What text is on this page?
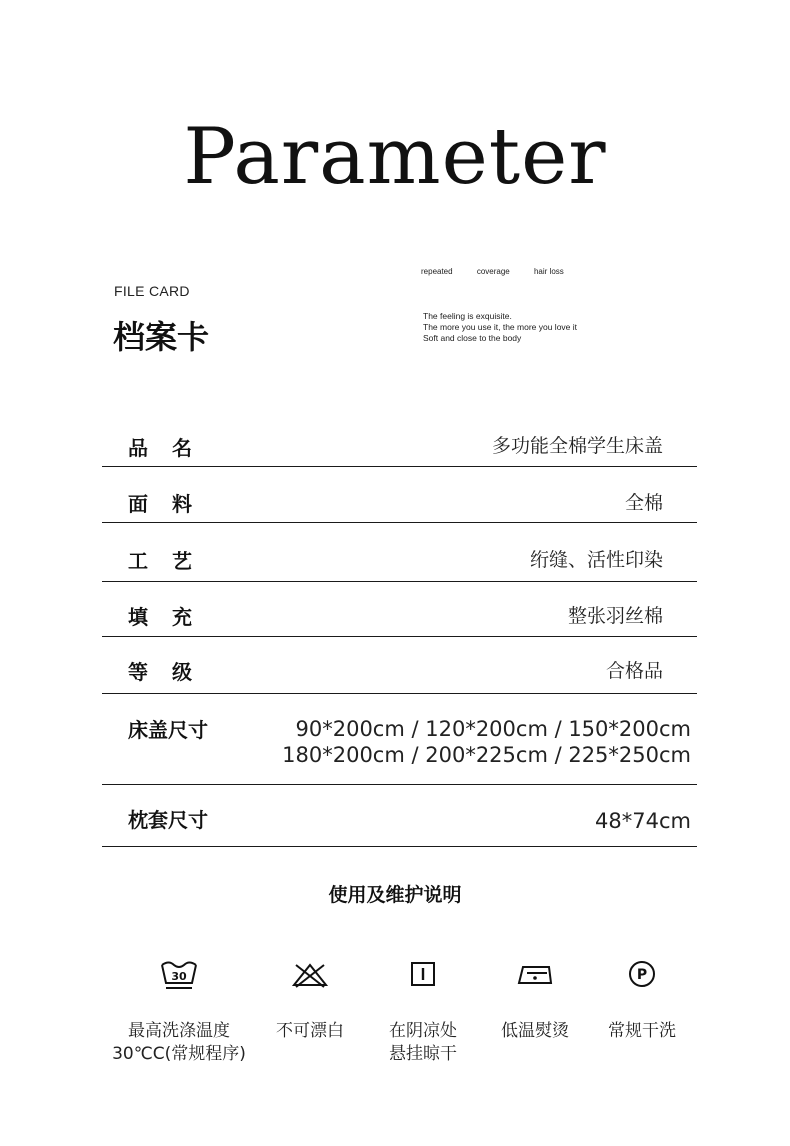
Parameter
repeated	coverage	hair loss
FILE CARD
档案卡
The feeling is exquisite.
The more you use it, the more you love it
Soft and close to the body
品名	多功能全棉学生床盖
面料	全棉
工艺	绗缝、活性印染
填充	整张羽丝棉
等级	合格品
床盖尺寸	90*200cm / 120*200cm / 150*200cm
180*200cm / 200*225cm / 225*250cm
枕套尺寸	48*74cm
使用及维护说明
30
最高洗涤温度
30℃C(常规程序)
不可漂白	在阴凉处
悬挂晾干
低温熨烫
P
常规干洗
